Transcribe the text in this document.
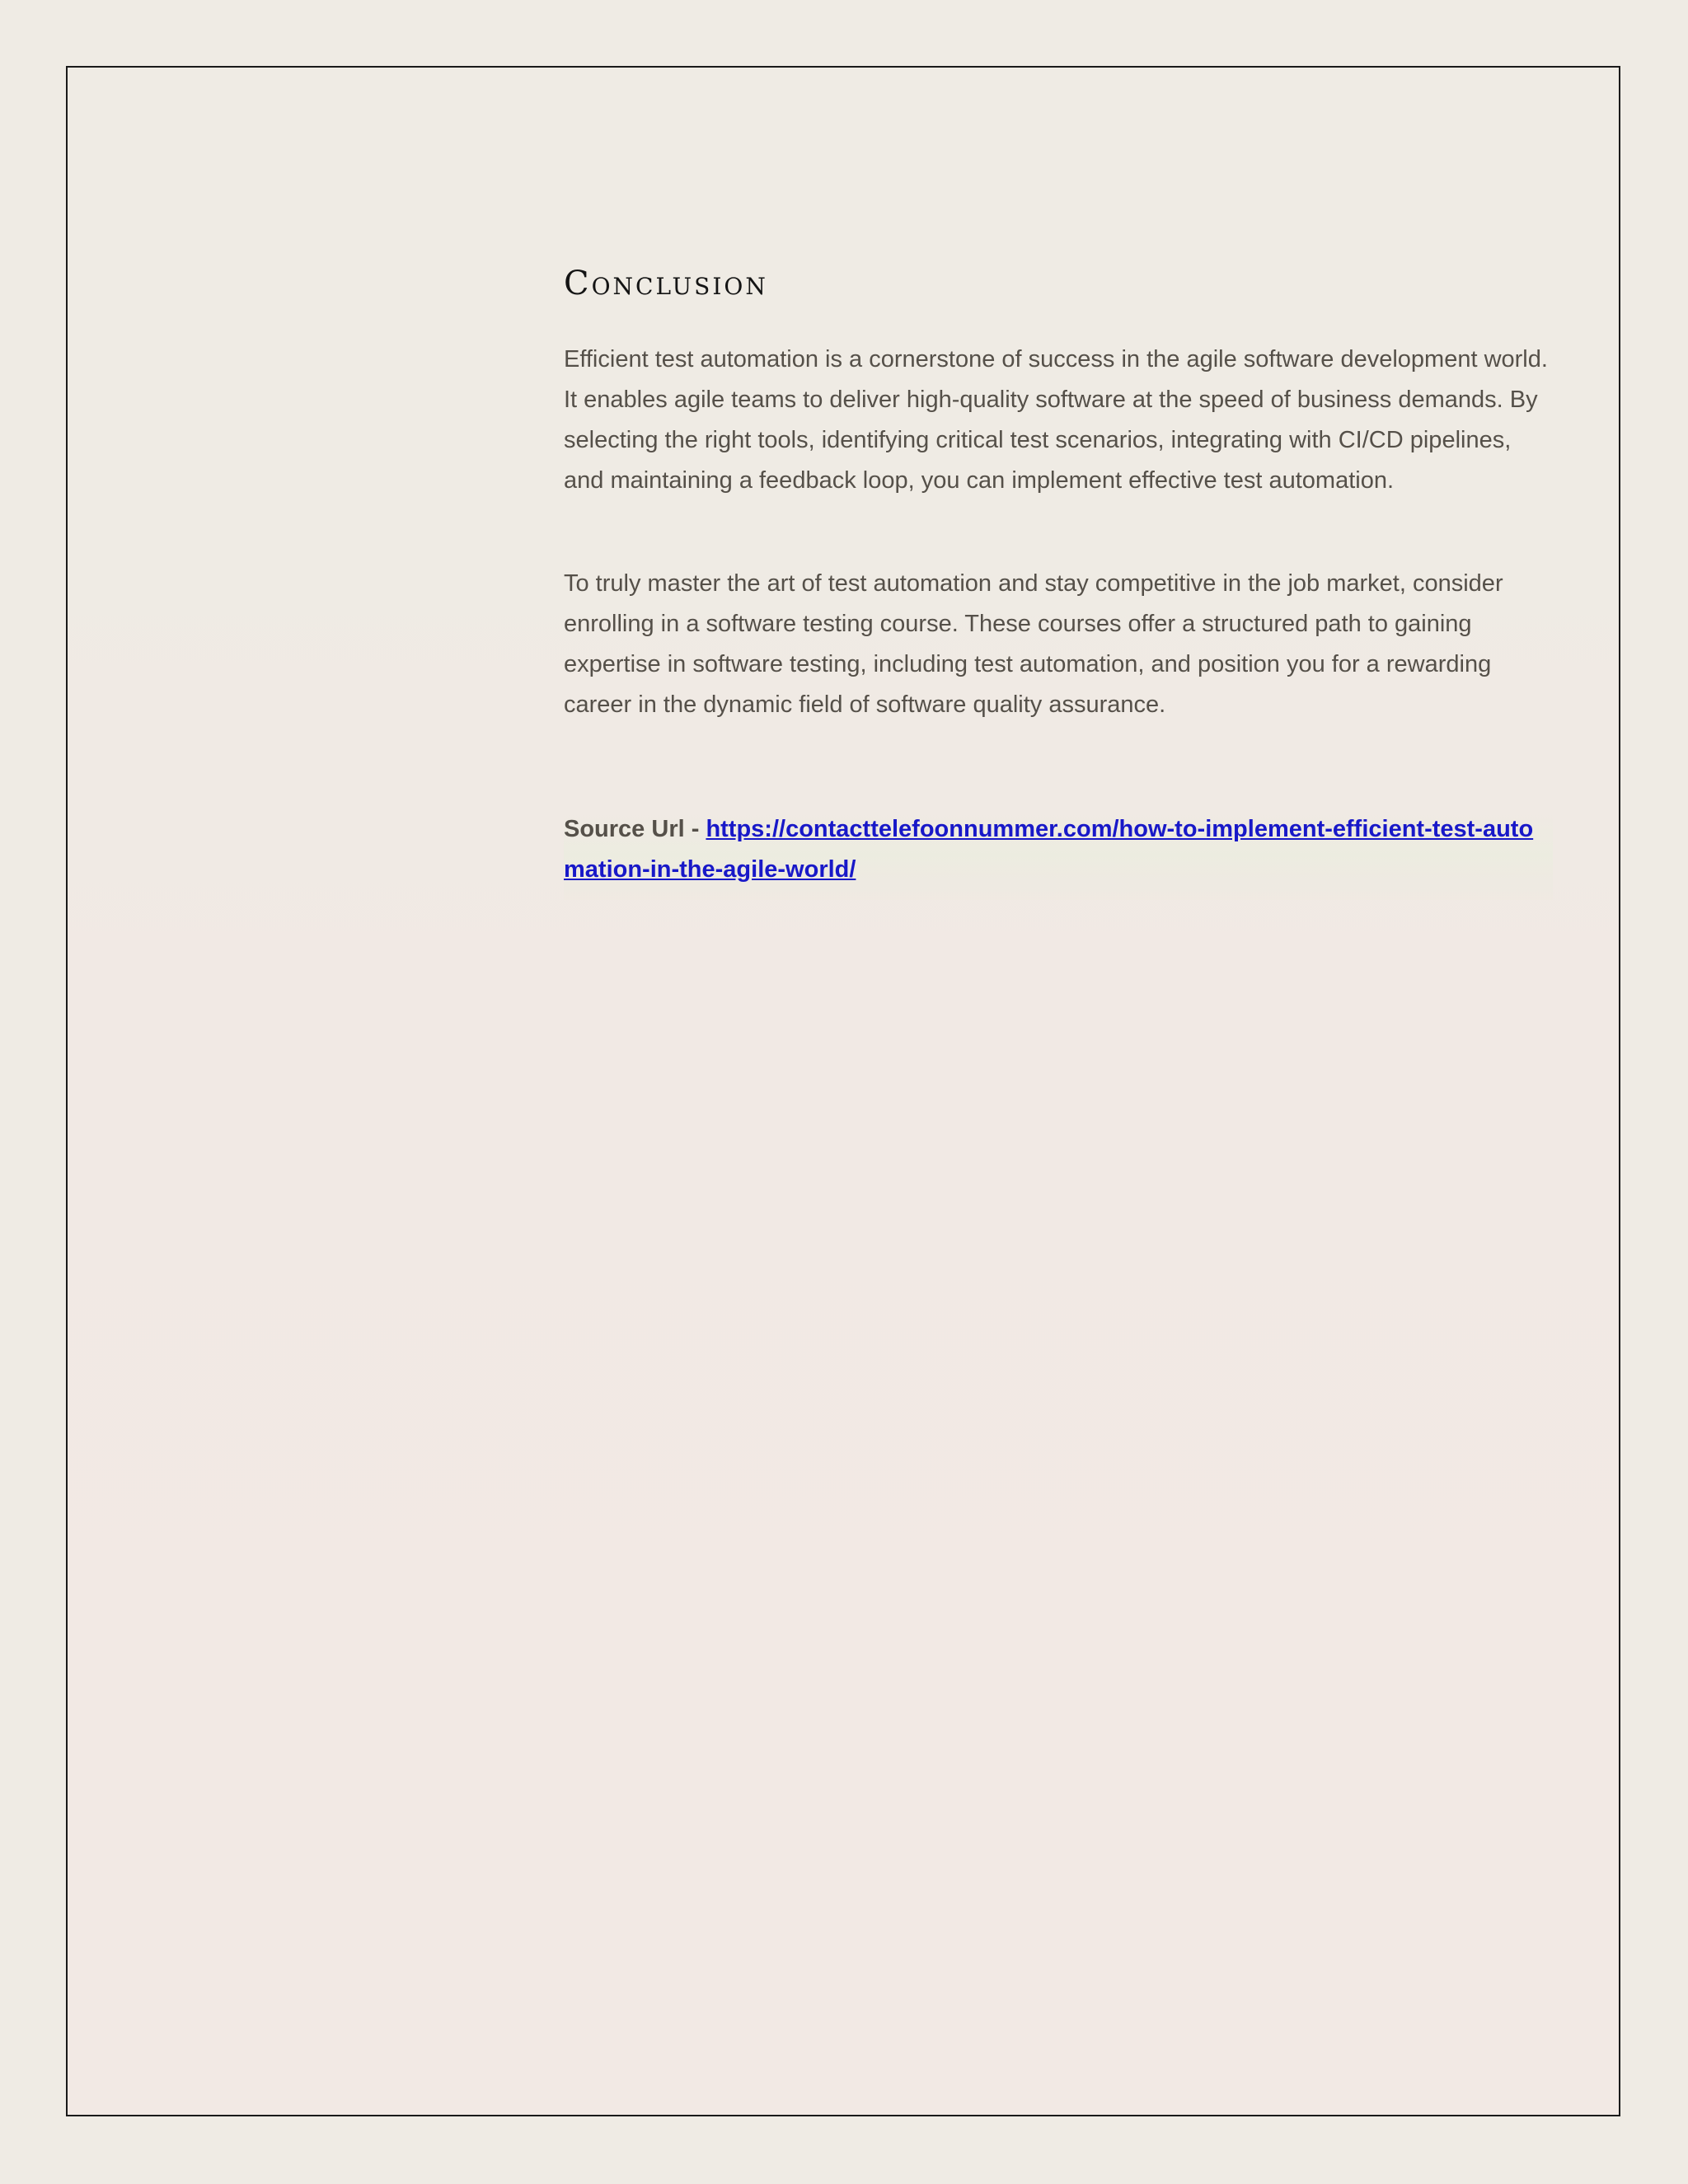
Conclusion

Efficient test automation is a cornerstone of success in the agile software development world. It enables agile teams to deliver high-quality software at the speed of business demands. By selecting the right tools, identifying critical test scenarios, integrating with CI/CD pipelines, and maintaining a feedback loop, you can implement effective test automation.

To truly master the art of test automation and stay competitive in the job market, consider enrolling in a software testing course. These courses offer a structured path to gaining expertise in software testing, including test automation, and position you for a rewarding career in the dynamic field of software quality assurance.

Source Url - https://contacttelefoonnummer.com/how-to-implement-efficient-test-automation-in-the-agile-world/
